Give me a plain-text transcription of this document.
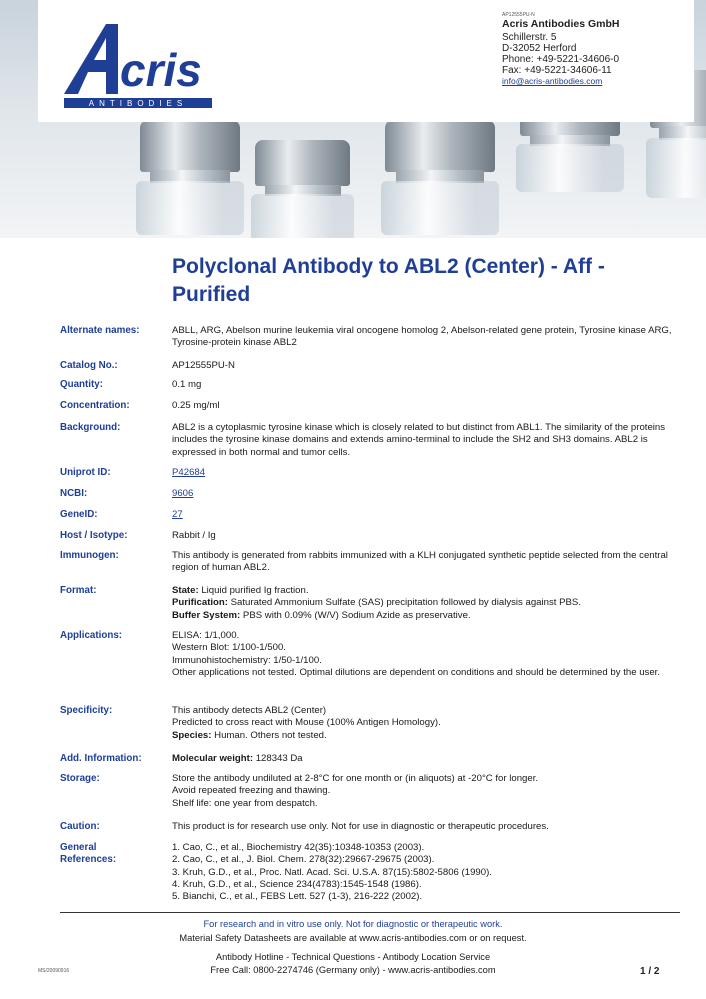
cris
ANTIBODIES
AP12555PU-N
Acris Antibodies GmbH
Schillerstr. 5
D-32052 Herford
Phone: +49-5221-34606-0
Fax: +49-5221-34606-11
info@acris-antibodies.com
Polyclonal Antibody to ABL2 (Center) - Aff - Purified
Alternate names:	ABLL, ARG, Abelson murine leukemia viral oncogene homolog 2, Abelson-related gene protein, Tyrosine kinase ARG, Tyrosine-protein kinase ABL2
Catalog No.:	AP12555PU-N
Quantity:	0.1 mg
Concentration:	0.25 mg/ml
Background:	ABL2 is a cytoplasmic tyrosine kinase which is closely related to but distinct from ABL1. The similarity of the proteins includes the tyrosine kinase domains and extends amino-terminal to include the SH2 and SH3 domains. ABL2 is expressed in both normal and tumor cells.
Uniprot ID:	P42684
NCBI:	9606
GeneID:	27
Host / Isotype:	Rabbit / Ig
Immunogen:	This antibody is generated from rabbits immunized with a KLH conjugated synthetic peptide selected from the central region of human ABL2.
Format:	State: Liquid purified Ig fraction.
Purification: Saturated Ammonium Sulfate (SAS) precipitation followed by dialysis against PBS.
Buffer System: PBS with 0.09% (W/V) Sodium Azide as preservative.
Applications:	ELISA: 1/1,000.
Western Blot: 1/100-1/500.
Immunohistochemistry: 1/50-1/100.
Other applications not tested. Optimal dilutions are dependent on conditions and should be determined by the user.
Specificity:	This antibody detects ABL2 (Center)
Predicted to cross react with Mouse (100% Antigen Homology).
Species: Human. Others not tested.
Add. Information:	Molecular weight: 128343 Da
Storage:	Store the antibody undiluted at 2-8°C for one month or (in aliquots) at -20°C for longer.
Avoid repeated freezing and thawing.
Shelf life: one year from despatch.
Caution:	This product is for research use only. Not for use in diagnostic or therapeutic procedures.
General References:
1. Cao, C., et al., Biochemistry 42(35):10348-10353 (2003).
2. Cao, C., et al., J. Biol. Chem. 278(32):29667-29675 (2003).
3. Kruh, G.D., et al., Proc. Natl. Acad. Sci. U.S.A. 87(15):5802-5806 (1990).
4. Kruh, G.D., et al., Science 234(4783):1545-1548 (1986).
5. Bianchi, C., et al., FEBS Lett. 527 (1-3), 216-222 (2002).
For research and in vitro use only. Not for diagnostic or therapeutic work.
Material Safety Datasheets are available at www.acris-antibodies.com or on request.
Antibody Hotline - Technical Questions - Antibody Location Service
Free Call: 0800-2274746 (Germany only) - www.acris-antibodies.com
MS/20090916	1 / 2
